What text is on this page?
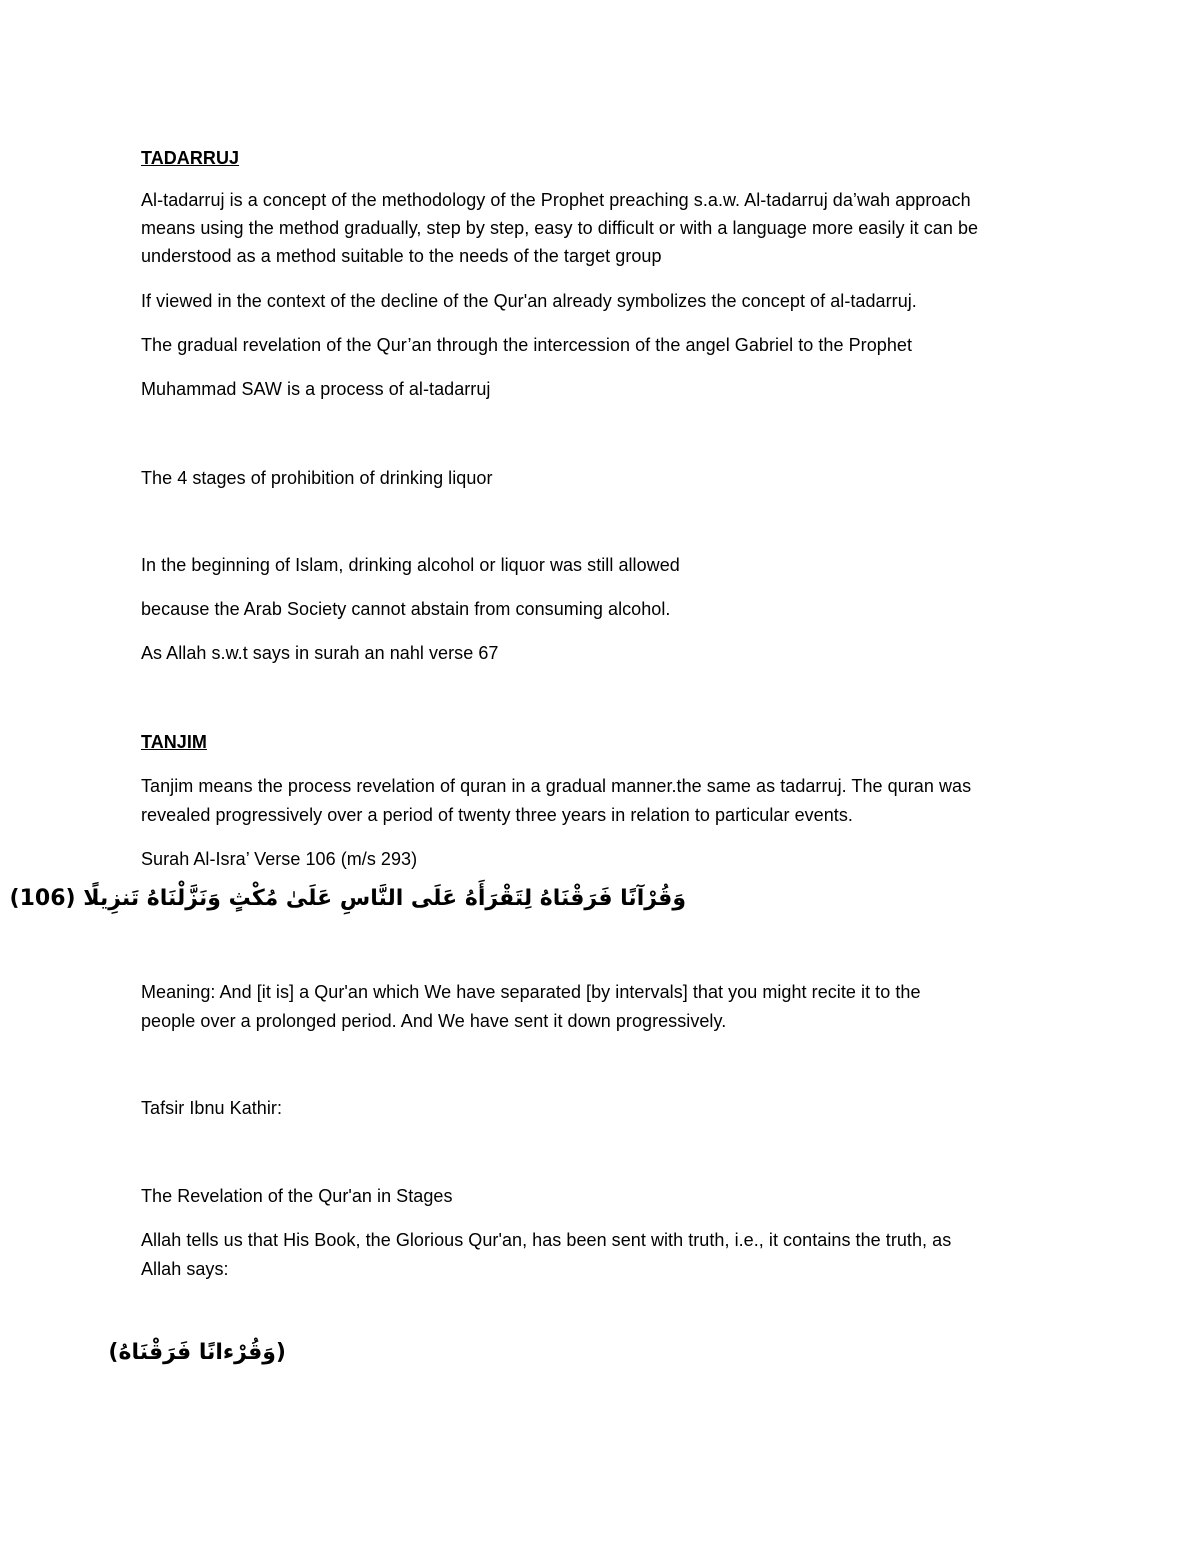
TADARRUJ
Al-tadarruj is a concept of the methodology of the Prophet preaching s.a.w. Al-tadarruj da’wah approach
means using the method gradually, step by step, easy to difficult or with a language more easily it can be
understood as a method suitable to the needs of the target group
If viewed in the context of the decline of the Qur'an already symbolizes the concept of al-tadarruj.
The gradual revelation of the Qur’an through the intercession of the angel Gabriel to the Prophet
Muhammad SAW is a process of al-tadarruj
The 4 stages of prohibition of drinking liquor
In the beginning of Islam, drinking alcohol or liquor was still allowed
because the Arab Society cannot abstain from consuming alcohol.
As Allah s.w.t says in surah an nahl verse 67
TANJIM
Tanjim means the process revelation of quran in a gradual manner.the same as tadarruj. The quran was
revealed progressively over a period of twenty three years in relation to particular events.
Surah Al-Isra’ Verse 106 (m/s 293)
وَقُرْآنًا فَرَقْنَاهُ لِتَقْرَأَهُ عَلَى النَّاسِ عَلَىٰ مُكْثٍ وَنَزَّلْنَاهُ تَنزِيلًا (106)
Meaning: And [it is] a Qur'an which We have separated [by intervals] that you might recite it to the
people over a prolonged period. And We have sent it down progressively.
Tafsir Ibnu Kathir:
The Revelation of the Qur'an in Stages
Allah tells us that His Book, the Glorious Qur'an, has been sent with truth, i.e., it contains the truth, as
Allah says:
(وَقُرْءانًا فَرَقْنَاهُ)
